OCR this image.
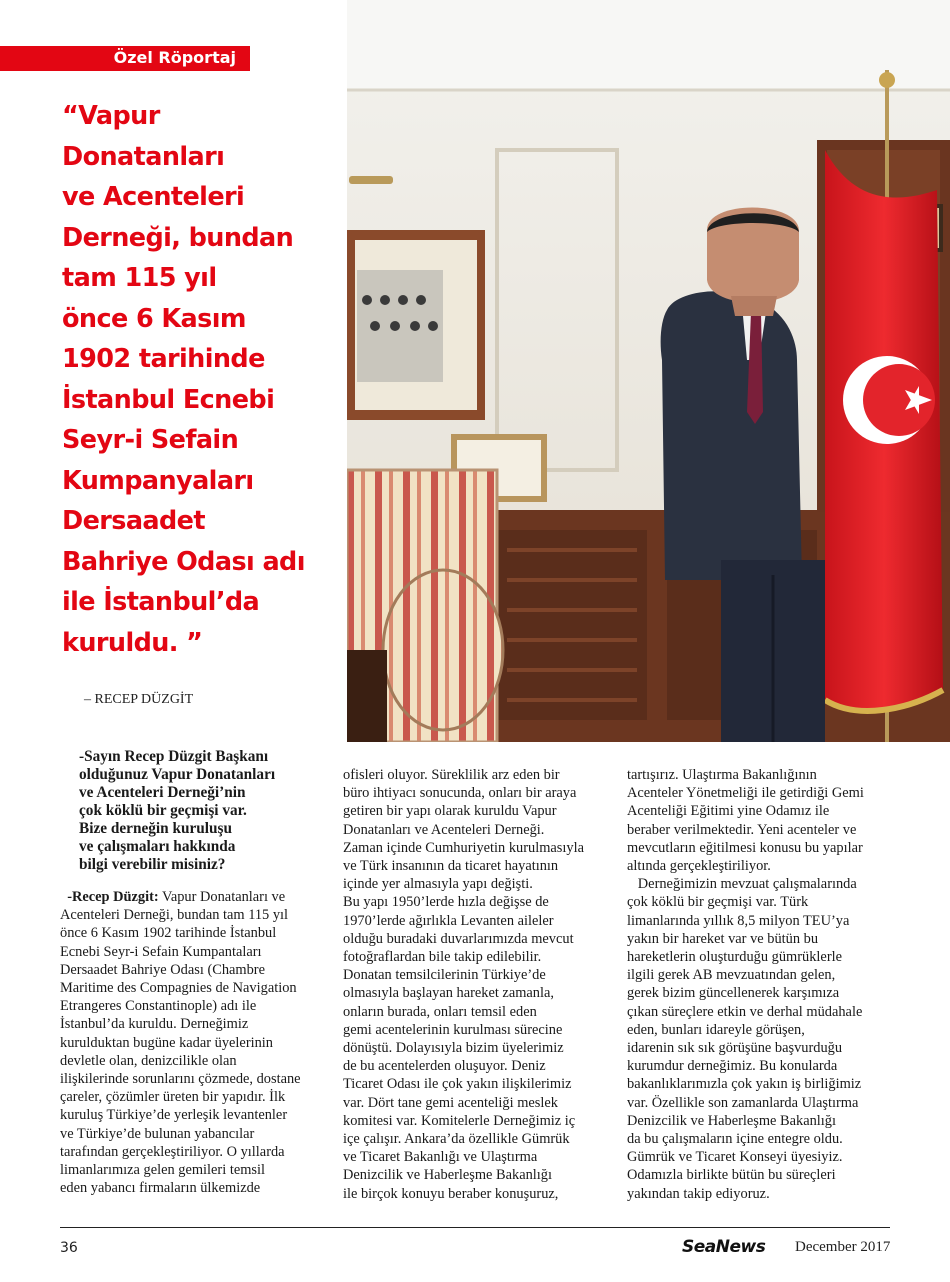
Özel Röportaj

“Vapur
Donatanları
ve Acenteleri
Derneği, bundan
tam 115 yıl
önce 6 Kasım
1902 tarihinde
İstanbul Ecnebi
Seyr-i Sefain
Kumpanyaları
Dersaadet
Bahriye Odası adı
ile İstanbul’da
kuruldu. ”

– RECEP DÜZGİT
-Sayın Recep Düzgit Başkanı
olduğunuz Vapur Donatanları
ve Acenteleri Derneği’nin
çok köklü bir geçmişi var.
Bize derneğin kuruluşu
ve çalışmaları hakkında
bilgi verebilir misiniz?
-Recep Düzgit: Vapur Donatanları ve
Acenteleri Derneği, bundan tam 115 yıl
önce 6 Kasım 1902 tarihinde İstanbul
Ecnebi Seyr-i Sefain Kumpantaları
Dersaadet Bahriye Odası (Chambre
Maritime des Compagnies de Navigation
Etrangeres Constantinople) adı ile
İstanbul’da kuruldu. Derneğimiz
kurulduktan bugüne kadar üyelerinin
devletle olan, denizcilikle olan
ilişkilerinde sorunlarını çözmede, dostane
çareler, çözümler üreten bir yapıdır. İlk
kuruluş Türkiye’de yerleşik levantenler
ve Türkiye’de bulunan yabancılar
tarafından gerçekleştiriliyor. O yıllarda
limanlarımıza gelen gemileri temsil
eden yabancı firmaların ülkemizde
ofisleri oluyor. Süreklilik arz eden bir
büro ihtiyacı sonucunda, onları bir araya
getiren bir yapı olarak kuruldu Vapur
Donatanları ve Acenteleri Derneği.
Zaman içinde Cumhuriyetin kurulmasıyla
ve Türk insanının da ticaret hayatının
içinde yer almasıyla yapı değişti.
Bu yapı 1950’lerde hızla değişse de
1970’lerde ağırlıkla Levanten aileler
olduğu buradaki duvarlarımızda mevcut
fotoğraflardan bile takip edilebilir.
Donatan temsilcilerinin Türkiye’de
olmasıyla başlayan hareket zamanla,
onların burada, onları temsil eden
gemi acentelerinin kurulması sürecine
dönüştü. Dolayısıyla bizim üyelerimiz
de bu acentelerden oluşuyor. Deniz
Ticaret Odası ile çok yakın ilişkilerimiz
var. Dört tane gemi acenteliği meslek
komitesi var. Komitelerle Derneğimiz iç
içe çalışır. Ankara’da özellikle Gümrük
ve Ticaret Bakanlığı ve Ulaştırma
Denizcilik ve Haberleşme Bakanlığı
ile birçok konuyu beraber konuşuruz,
tartışırız. Ulaştırma Bakanlığının
Acenteler Yönetmeliği ile getirdiği Gemi
Acenteliği Eğitimi yine Odamız ile
beraber verilmektedir. Yeni acenteler ve
mevcutların eğitilmesi konusu bu yapılar
altında gerçekleştiriliyor.
Derneğimizin mevzuat çalışmalarında
çok köklü bir geçmişi var. Türk
limanlarında yıllık 8,5 milyon TEU’ya
yakın bir hareket var ve bütün bu
hareketlerin oluşturduğu gümrüklerle
ilgili gerek AB mevzuatından gelen,
gerek bizim güncellenerek karşımıza
çıkan süreçlere etkin ve derhal müdahale
eden, bunları idareyle görüşen,
idarenin sık sık görüşüne başvurduğu
kurumdur derneğimiz. Bu konularda
bakanlıklarımızla çok yakın iş birliğimiz
var. Özellikle son zamanlarda Ulaştırma
Denizcilik ve Haberleşme Bakanlığı
da bu çalışmaların içine entegre oldu.
Gümrük ve Ticaret Konseyi üyesiyiz.
Odamızla birlikte bütün bu süreçleri
yakından takip ediyoruz.
36	SeaNews December 2017
